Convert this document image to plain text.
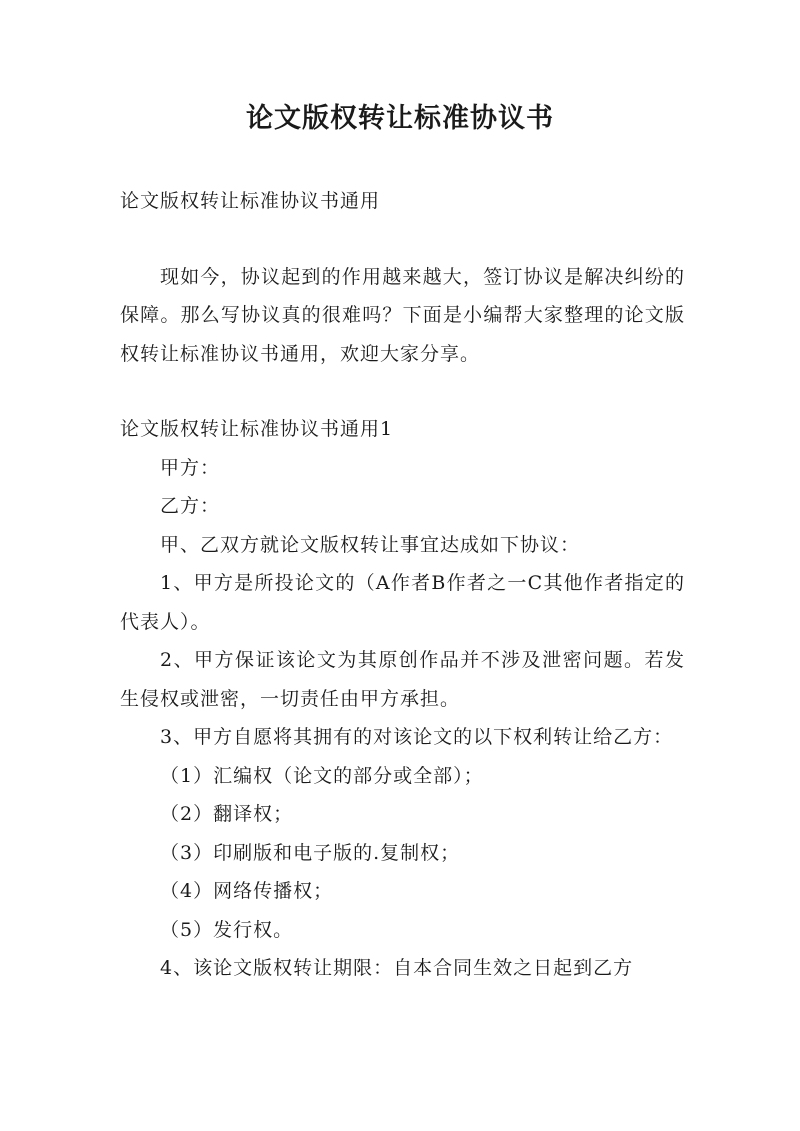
论文版权转让标准协议书

论文版权转让标准协议书通用

现如今，协议起到的作用越来越大，签订协议是解决纠纷的保障。那么写协议真的很难吗？下面是小编帮大家整理的论文版权转让标准协议书通用，欢迎大家分享。

论文版权转让标准协议书通用1

甲方：

乙方：

甲、乙双方就论文版权转让事宜达成如下协议：

1、甲方是所投论文的（A作者B作者之一C其他作者指定的代表人）。

2、甲方保证该论文为其原创作品并不涉及泄密问题。若发生侵权或泄密，一切责任由甲方承担。

3、甲方自愿将其拥有的对该论文的以下权利转让给乙方：

（1）汇编权（论文的部分或全部）；

（2）翻译权；

（3）印刷版和电子版的.复制权；

（4）网络传播权；

（5）发行权。

4、该论文版权转让期限：自本合同生效之日起到乙方
